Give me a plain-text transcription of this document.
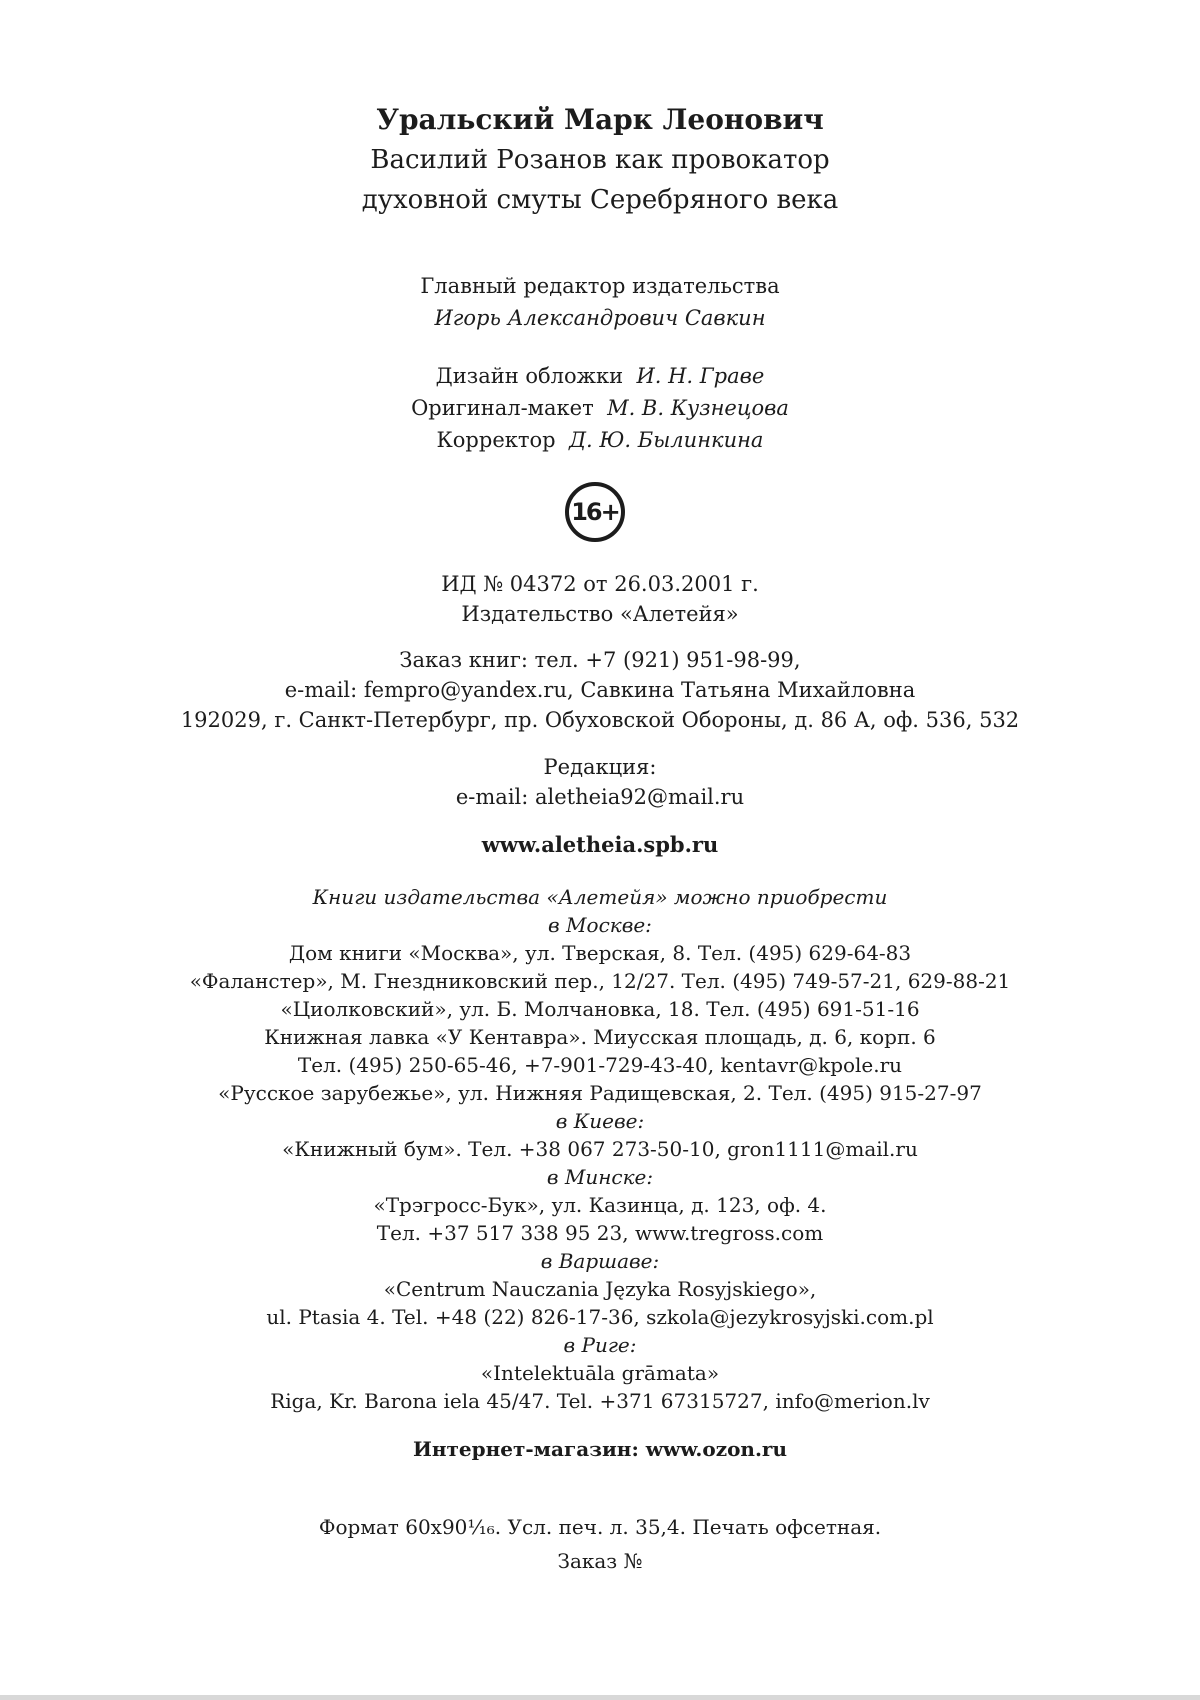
Уральский Марк Леонович
Василий Розанов как провокатор
духовной смуты Серебряного века
Главный редактор издательства
Игорь Александрович Савкин
Дизайн обложки И. Н. Граве
Оригинал-макет М. В. Кузнецова
Корректор Д. Ю. Былинкина
16+
ИД № 04372 от 26.03.2001 г.
Издательство «Алетейя»
Заказ книг: тел. +7 (921) 951-98-99,
e-mail: fempro@yandex.ru, Савкина Татьяна Михайловна
192029, г. Санкт-Петербург, пр. Обуховской Обороны, д. 86 А, оф. 536, 532
Редакция:
e-mail: aletheia92@mail.ru
www.aletheia.spb.ru
Книги издательства «Алетейя» можно приобрести
в Москве:
Дом книги «Москва», ул. Тверская, 8. Тел. (495) 629-64-83
«Фаланстер», М. Гнездниковский пер., 12/27. Тел. (495) 749-57-21, 629-88-21
«Циолковский», ул. Б. Молчановка, 18. Тел. (495) 691-51-16
Книжная лавка «У Кентавра». Миусская площадь, д. 6, корп. 6
Тел. (495) 250-65-46, +7-901-729-43-40, kentavr@kpole.ru
«Русское зарубежье», ул. Нижняя Радищевская, 2. Тел. (495) 915-27-97
в Киеве:
«Книжный бум». Тел. +38 067 273-50-10, gron1111@mail.ru
в Минске:
«Трэгросс-Бук», ул. Казинца, д. 123, оф. 4.
Тел. +37 517 338 95 23, www.tregross.com
в Варшаве:
«Centrum Nauczania Języka Rosyjskiego»,
ul. Ptasia 4. Tel. +48 (22) 826-17-36, szkola@jezykrosyjski.com.pl
в Риге:
«Intelektuāla grāmata»
Riga, Kr. Barona iela 45/47. Tel. +371 67315727, info@merion.lv
Интернет-магазин: www.ozon.ru
Формат 60х90¹⁄₁₆. Усл. печ. л. 35,4. Печать офсетная.
Заказ №
